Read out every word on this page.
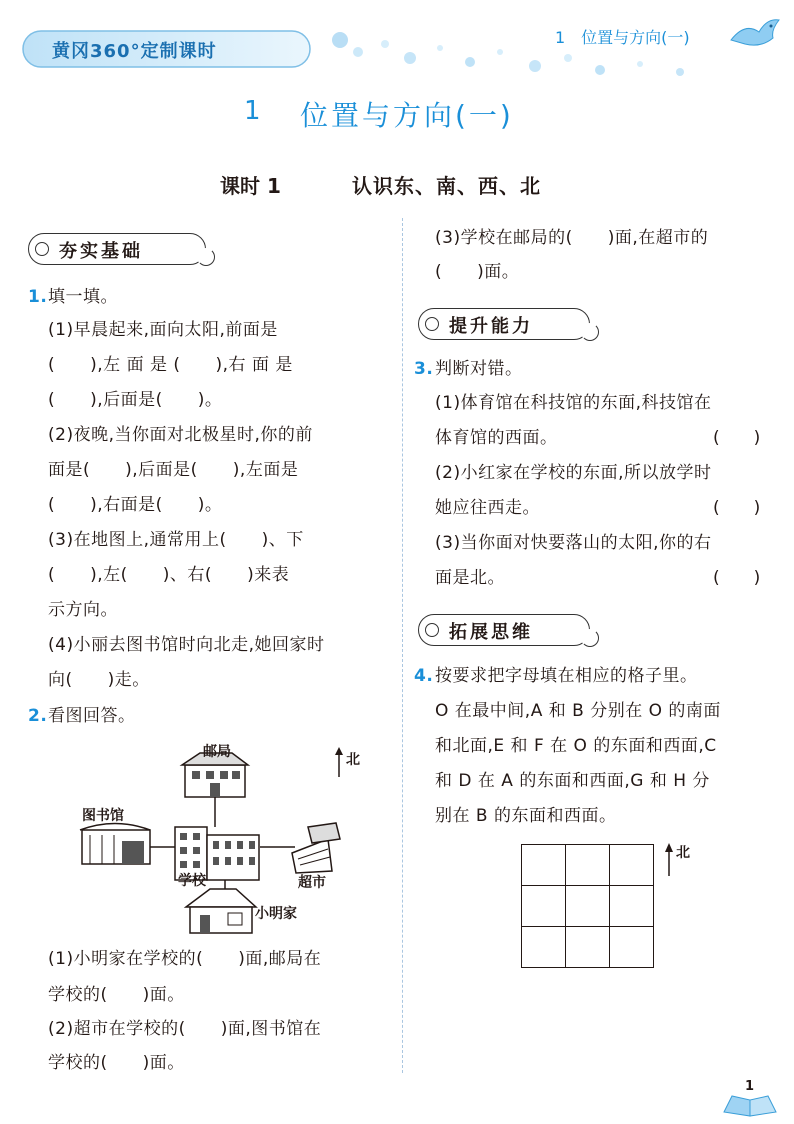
黄冈360°定制课时
1　位置与方向(一)
1 位置与方向(一)
课时 1	认识东、南、西、北
夯实基础
1. 填一填。
(1)早晨起来,面向太阳,前面是
(　　),左 面 是 (　　),右 面 是
(　　),后面是(　　)。
(2)夜晚,当你面对北极星时,你的前
面是(　　),后面是(　　),左面是
(　　),右面是(　　)。
(3)在地图上,通常用上(　　)、下
(　　),左(　　)、右(　　)来表
示方向。
(4)小丽去图书馆时向北走,她回家时
向(　　)走。
2. 看图回答。
邮局
图书馆
学校	超市
小明家
北
(1)小明家在学校的(　　)面,邮局在
学校的(　　)面。
(2)超市在学校的(　　)面,图书馆在
学校的(　　)面。
(3)学校在邮局的(　　)面,在超市的
(　　)面。
提升能力
3. 判断对错。
(1)体育馆在科技馆的东面,科技馆在
体育馆的西面。	(　　)
(2)小红家在学校的东面,所以放学时
她应往西走。	(　　)
(3)当你面对快要落山的太阳,你的右
面是北。	(　　)
拓展思维
4. 按要求把字母填在相应的格子里。
O 在最中间,A 和 B 分别在 O 的南面
和北面,E 和 F 在 O 的东面和西面,C
和 D 在 A 的东面和西面,G 和 H 分
别在 B 的东面和西面。

北
1
